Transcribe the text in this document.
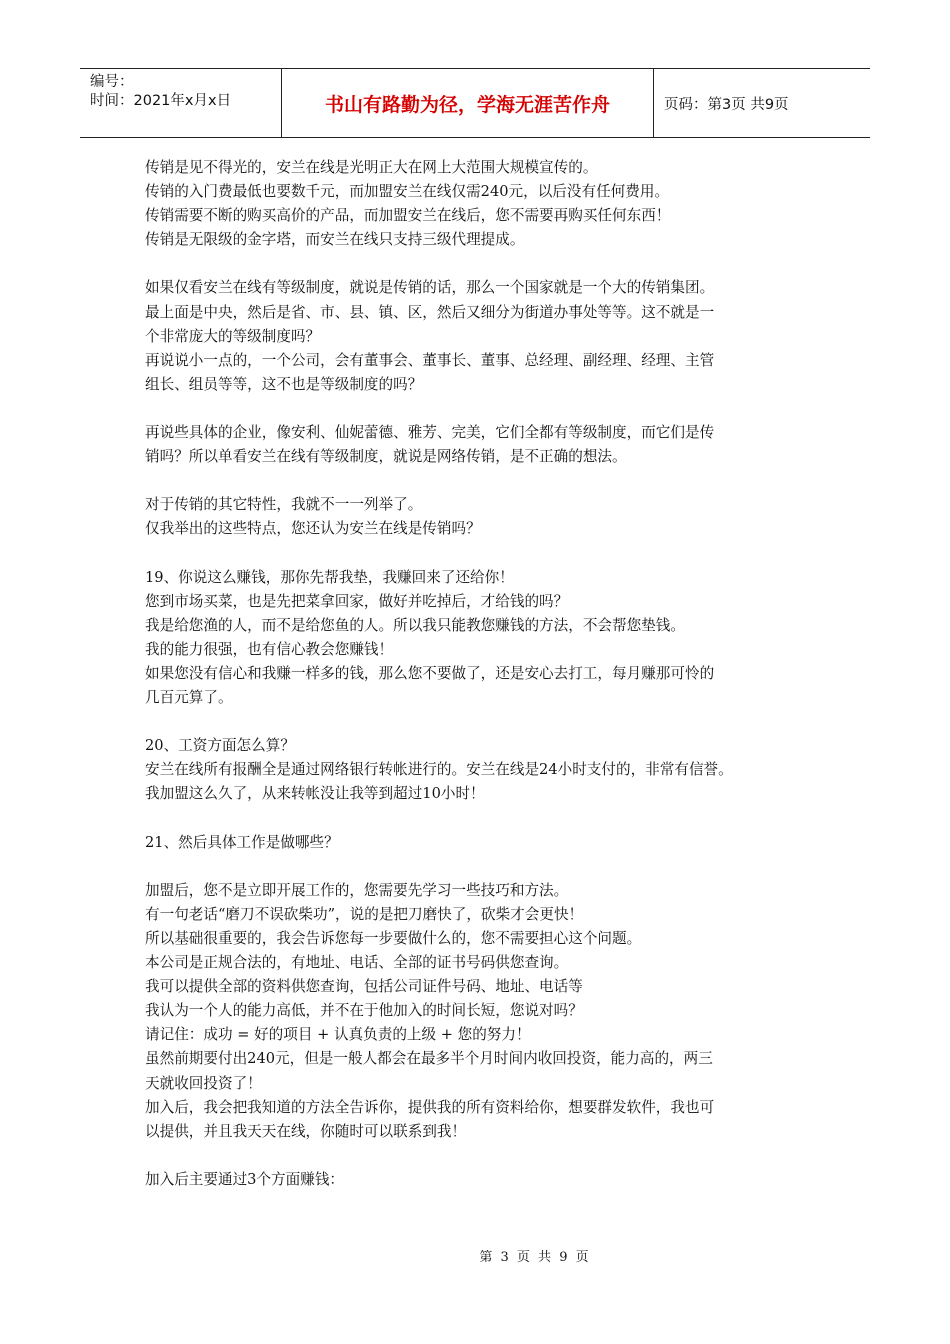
编号：
时间：2021年x月x日	书山有路勤为径，学海无涯苦作舟	页码：第3页 共9页

传销是见不得光的，安兰在线是光明正大在网上大范围大规模宣传的。

传销的入门费最低也要数千元，而加盟安兰在线仅需240元，以后没有任何费用。

传销需要不断的购买高价的产品，而加盟安兰在线后，您不需要再购买任何东西！

传销是无限级的金字塔，而安兰在线只支持三级代理提成。

如果仅看安兰在线有等级制度，就说是传销的话，那么一个国家就是一个大的传销集团。

最上面是中央，然后是省、市、县、镇、区，然后又细分为街道办事处等等。这不就是一

个非常庞大的等级制度吗？

再说说小一点的，一个公司，会有董事会、董事长、董事、总经理、副经理、经理、主管

组长、组员等等，这不也是等级制度的吗？

再说些具体的企业，像安利、仙妮蕾德、雅芳、完美，它们全都有等级制度，而它们是传

销吗？所以单看安兰在线有等级制度，就说是网络传销，是不正确的想法。

对于传销的其它特性，我就不一一列举了。

仅我举出的这些特点，您还认为安兰在线是传销吗？

19、你说这么赚钱，那你先帮我垫，我赚回来了还给你！

您到市场买菜，也是先把菜拿回家，做好并吃掉后，才给钱的吗？

我是给您渔的人，而不是给您鱼的人。所以我只能教您赚钱的方法，不会帮您垫钱。

我的能力很强，也有信心教会您赚钱！

如果您没有信心和我赚一样多的钱，那么您不要做了，还是安心去打工，每月赚那可怜的

几百元算了。

20、工资方面怎么算？

安兰在线所有报酬全是通过网络银行转帐进行的。安兰在线是24小时支付的，非常有信誉。

我加盟这么久了，从来转帐没让我等到超过10小时！

21、然后具体工作是做哪些？

加盟后，您不是立即开展工作的，您需要先学习一些技巧和方法。

有一句老话“磨刀不误砍柴功”，说的是把刀磨快了，砍柴才会更快！

所以基础很重要的，我会告诉您每一步要做什么的，您不需要担心这个问题。

本公司是正规合法的，有地址、电话、全部的证书号码供您查询。

我可以提供全部的资料供您查询，包括公司证件号码、地址、电话等

我认为一个人的能力高低，并不在于他加入的时间长短，您说对吗？

请记住：成功 = 好的项目 + 认真负责的上级 + 您的努力！

虽然前期要付出240元，但是一般人都会在最多半个月时间内收回投资，能力高的，两三

天就收回投资了！

加入后，我会把我知道的方法全告诉你，提供我的所有资料给你，想要群发软件，我也可

以提供，并且我天天在线，你随时可以联系到我！

加入后主要通过3个方面赚钱：

第 3 页 共 9 页
